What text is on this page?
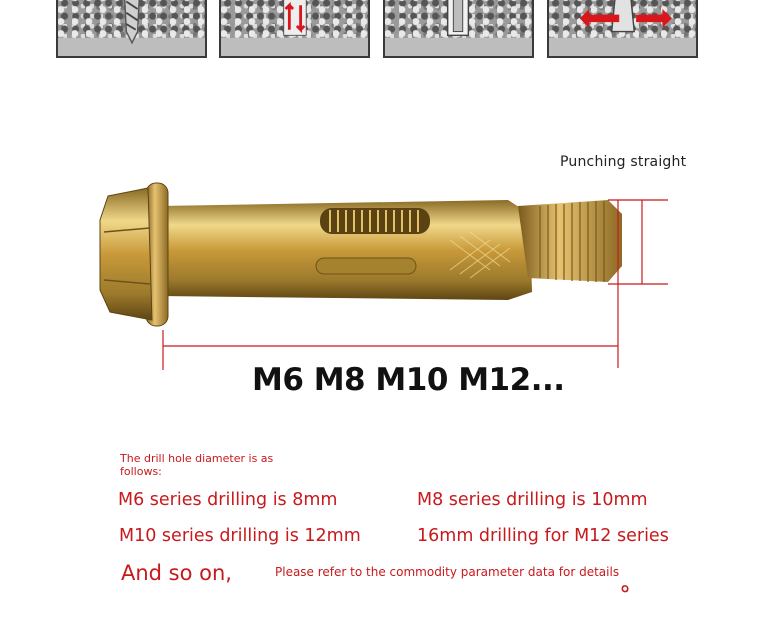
Punching straight
M6 M8 M10 M12...
The drill hole diameter is as follows:
M6 series drilling is 8mm	M8 series drilling is 10mm
M10 series drilling is 12mm	16mm drilling for M12 series
And so on,	Please refer to the commodity parameter data for details 。
